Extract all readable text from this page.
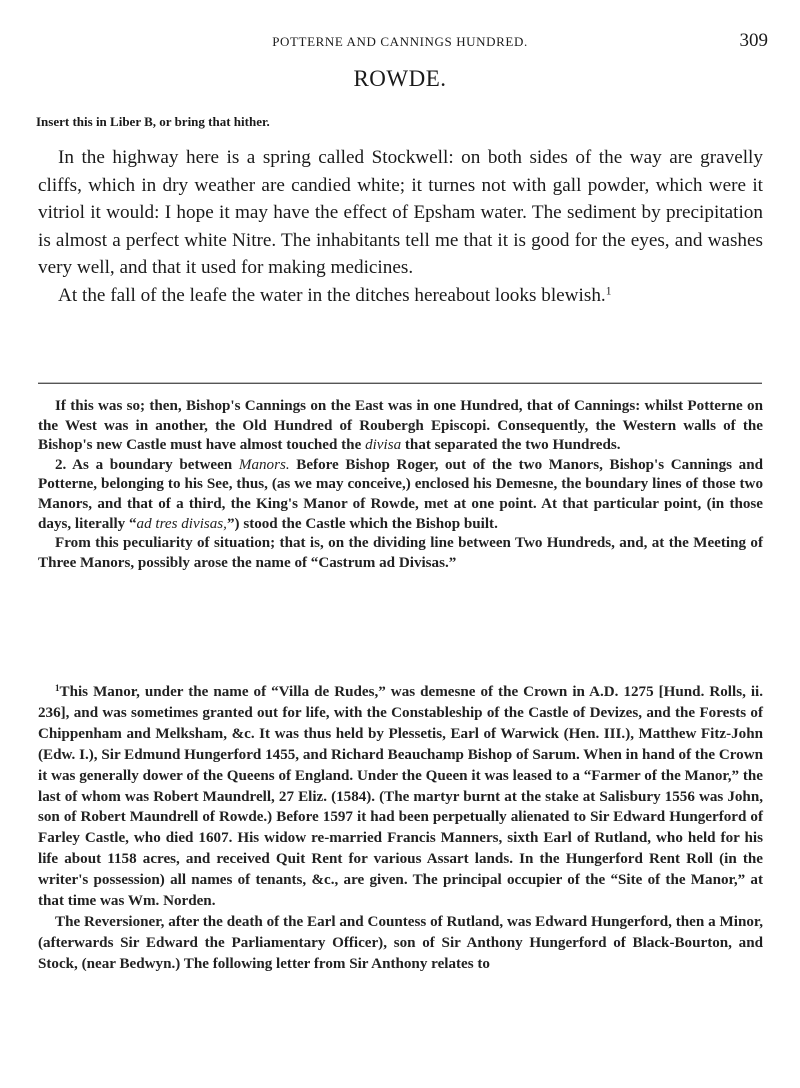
POTTERNE AND CANNINGS HUNDRED.	309
ROWDE.
Insert this in Liber B, or bring that hither.

In the highway here is a spring called Stockwell: on both sides of the way are gravelly cliffs, which in dry weather are candied white; it turnes not with gall powder, which were it vitriol it would: I hope it may have the effect of Epsham water. The sediment by precipitation is almost a perfect white Nitre. The inhabitants tell me that it is good for the eyes, and washes very well, and that it used for making medicines.

At the fall of the leafe the water in the ditches hereabout looks blewish.$^1$

If this was so; then, Bishop's Cannings on the East was in one Hundred, that of Cannings: whilst Potterne on the West was in another, the Old Hundred of Roubergh Episcopi. Consequently, the Western walls of the Bishop's new Castle must have almost touched the divisa that separated the two Hundreds.

2. As a boundary between Manors. Before Bishop Roger, out of the two Manors, Bishop's Cannings and Potterne, belonging to his See, thus, (as we may conceive,) enclosed his Demesne, the boundary lines of those two Manors, and that of a third, the King's Manor of Rowde, met at one point. At that particular point, (in those days, literally “ad tres divisas,”) stood the Castle which the Bishop built.

From this peculiarity of situation; that is, on the dividing line between Two Hundreds, and, at the Meeting of Three Manors, possibly arose the name of “Castrum ad Divisas.”

$^1$This Manor, under the name of “Villa de Rudes,” was demesne of the Crown in A.D. 1275 [Hund. Rolls, ii. 236], and was sometimes granted out for life, with the Constableship of the Castle of Devizes, and the Forests of Chippenham and Melksham, &c. It was thus held by Plessetis, Earl of Warwick (Hen. III.), Matthew Fitz-John (Edw. I.), Sir Edmund Hungerford 1455, and Richard Beauchamp Bishop of Sarum. When in hand of the Crown it was generally dower of the Queens of England. Under the Queen it was leased to a “Farmer of the Manor,” the last of whom was Robert Maundrell, 27 Eliz. (1584). (The martyr burnt at the stake at Salisbury 1556 was John, son of Robert Maundrell of Rowde.) Before 1597 it had been perpetually alienated to Sir Edward Hungerford of Farley Castle, who died 1607. His widow re-married Francis Manners, sixth Earl of Rutland, who held for his life about 1158 acres, and received Quit Rent for various Assart lands. In the Hungerford Rent Roll (in the writer's possession) all names of tenants, &c., are given. The principal occupier of the “Site of the Manor,” at that time was Wm. Norden.

The Reversioner, after the death of the Earl and Countess of Rutland, was Edward Hungerford, then a Minor, (afterwards Sir Edward the Parliamentary Officer), son of Sir Anthony Hungerford of Black-Bourton, and Stock, (near Bedwyn.) The following letter from Sir Anthony relates to
